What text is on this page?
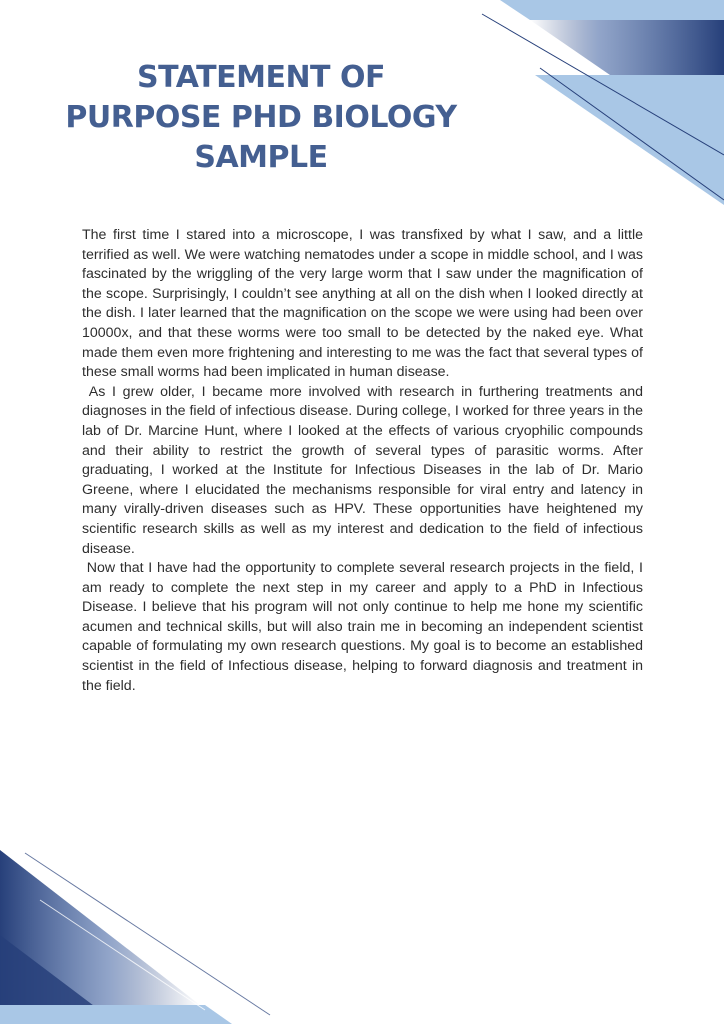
STATEMENT OF
PURPOSE PHD BIOLOGY
SAMPLE

The first time I stared into a microscope, I was transfixed by what I saw, and a little terrified as well. We were watching nematodes under a scope in middle school, and I was fascinated by the wriggling of the very large worm that I saw under the magnification of the scope. Surprisingly, I couldn’t see anything at all on the dish when I looked directly at the dish. I later learned that the magnification on the scope we were using had been over 10000x, and that these worms were too small to be detected by the naked eye. What made them even more frightening and interesting to me was the fact that several types of these small worms had been implicated in human disease.

As I grew older, I became more involved with research in furthering treatments and diagnoses in the field of infectious disease. During college, I worked for three years in the lab of Dr. Marcine Hunt, where I looked at the effects of various cryophilic compounds and their ability to restrict the growth of several types of parasitic worms. After graduating, I worked at the Institute for Infectious Diseases in the lab of Dr. Mario Greene, where I elucidated the mechanisms responsible for viral entry and latency in many virally-driven diseases such as HPV. These opportunities have heightened my scientific research skills as well as my interest and dedication to the field of infectious disease.

Now that I have had the opportunity to complete several research projects in the field, I am ready to complete the next step in my career and apply to a PhD in Infectious Disease. I believe that his program will not only continue to help me hone my scientific acumen and technical skills, but will also train me in becoming an independent scientist capable of formulating my own research questions. My goal is to become an established scientist in the field of Infectious disease, helping to forward diagnosis and treatment in the field.
